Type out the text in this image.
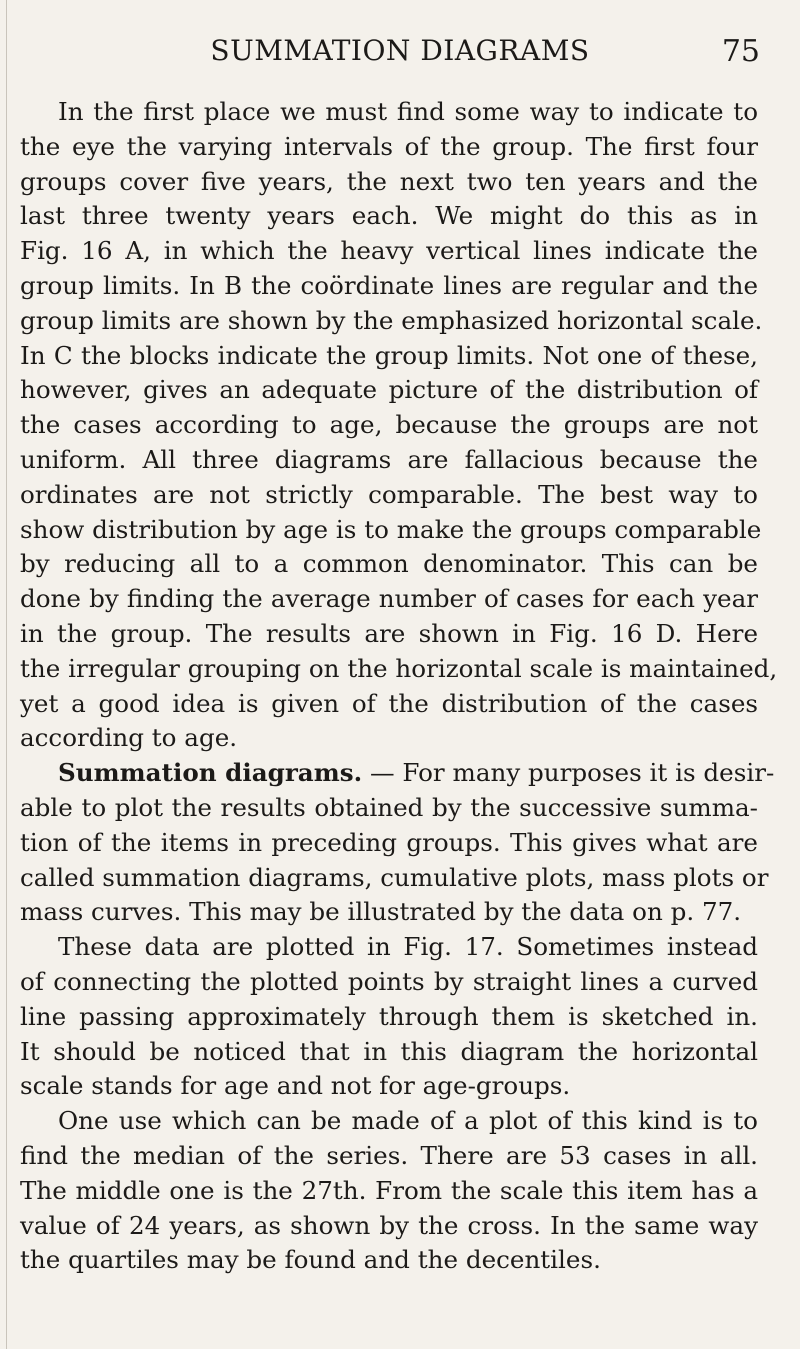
SUMMATION DIAGRAMS	75
In the first place we must find some way to indicate to
the eye the varying intervals of the group. The first four
groups cover five years, the next two ten years and the
last three twenty years each. We might do this as in
Fig. 16 A, in which the heavy vertical lines indicate the
group limits. In B the coördinate lines are regular and the
group limits are shown by the emphasized horizontal scale.
In C the blocks indicate the group limits. Not one of these,
however, gives an adequate picture of the distribution of
the cases according to age, because the groups are not
uniform. All three diagrams are fallacious because the
ordinates are not strictly comparable. The best way to
show distribution by age is to make the groups comparable
by reducing all to a common denominator. This can be
done by finding the average number of cases for each year
in the group. The results are shown in Fig. 16 D. Here
the irregular grouping on the horizontal scale is maintained,
yet a good idea is given of the distribution of the cases
according to age.
Summation diagrams. — For many purposes it is desir-
able to plot the results obtained by the successive summa-
tion of the items in preceding groups. This gives what are
called summation diagrams, cumulative plots, mass plots or
mass curves. This may be illustrated by the data on p. 77.
These data are plotted in Fig. 17. Sometimes instead
of connecting the plotted points by straight lines a curved
line passing approximately through them is sketched in.
It should be noticed that in this diagram the horizontal
scale stands for age and not for age-groups.
One use which can be made of a plot of this kind is to
find the median of the series. There are 53 cases in all.
The middle one is the 27th. From the scale this item has a
value of 24 years, as shown by the cross. In the same way
the quartiles may be found and the decentiles.
